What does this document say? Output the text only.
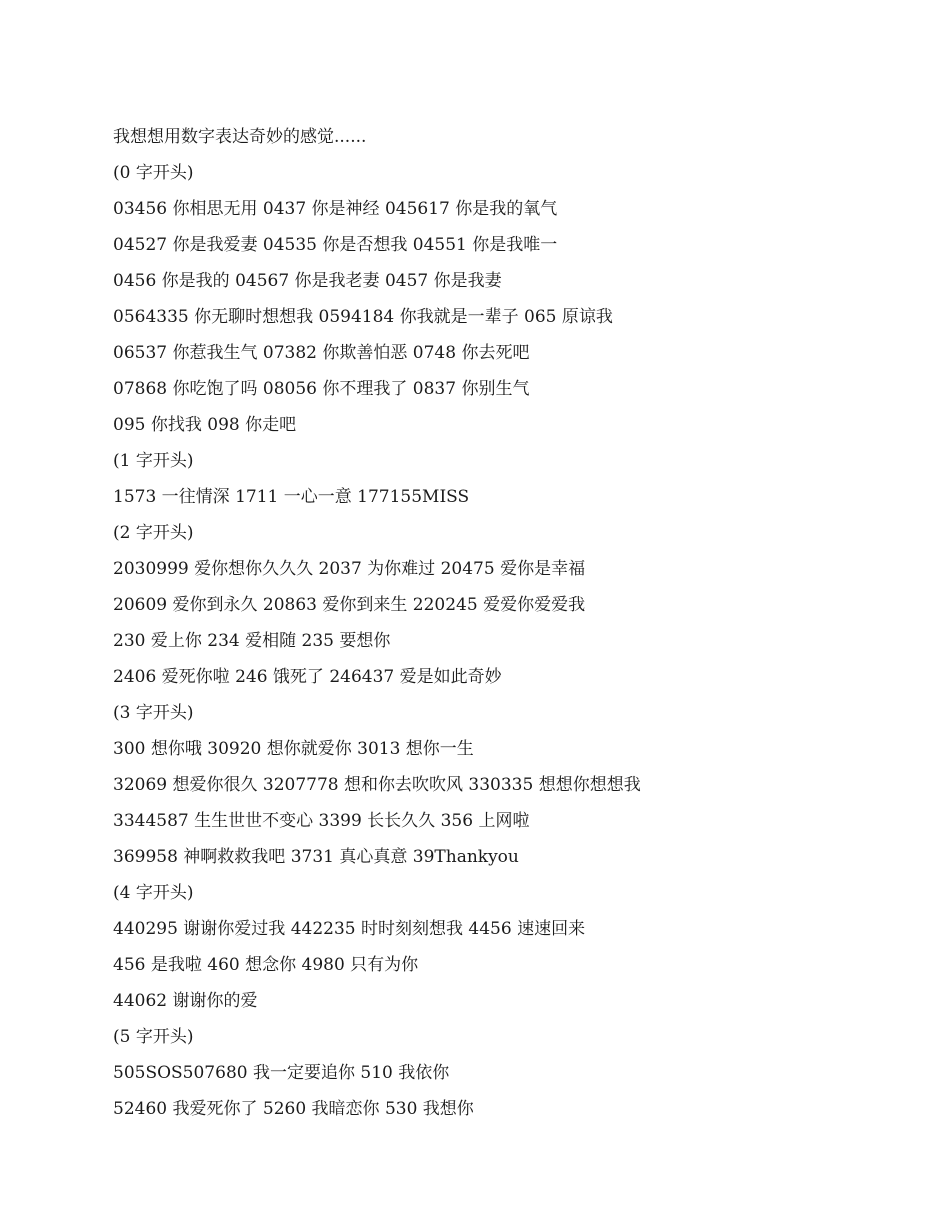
我想想用数字表达奇妙的感觉......
(0 字开头)
03456 你相思无用 0437 你是神经 045617 你是我的氧气
04527 你是我爱妻 04535 你是否想我 04551 你是我唯一
0456 你是我的 04567 你是我老妻 0457 你是我妻
0564335 你无聊时想想我 0594184 你我就是一辈子 065 原谅我
06537 你惹我生气 07382 你欺善怕恶 0748 你去死吧
07868 你吃饱了吗 08056 你不理我了 0837 你别生气
095 你找我 098 你走吧
(1 字开头)
1573 一往情深 1711 一心一意 177155MISS
(2 字开头)
2030999 爱你想你久久久 2037 为你难过 20475 爱你是幸福
20609 爱你到永久 20863 爱你到来生 220245 爱爱你爱爱我
230 爱上你 234 爱相随 235 要想你
2406 爱死你啦 246 饿死了 246437 爱是如此奇妙
(3 字开头)
300 想你哦 30920 想你就爱你 3013 想你一生
32069 想爱你很久 3207778 想和你去吹吹风 330335 想想你想想我
3344587 生生世世不变心 3399 长长久久 356 上网啦
369958 神啊救救我吧 3731 真心真意 39Thankyou
(4 字开头)
440295 谢谢你爱过我 442235 时时刻刻想我 4456 速速回来
456 是我啦 460 想念你 4980 只有为你
44062 谢谢你的爱
(5 字开头)
505SOS507680 我一定要追你 510 我依你
52460 我爱死你了 5260 我暗恋你 530 我想你
